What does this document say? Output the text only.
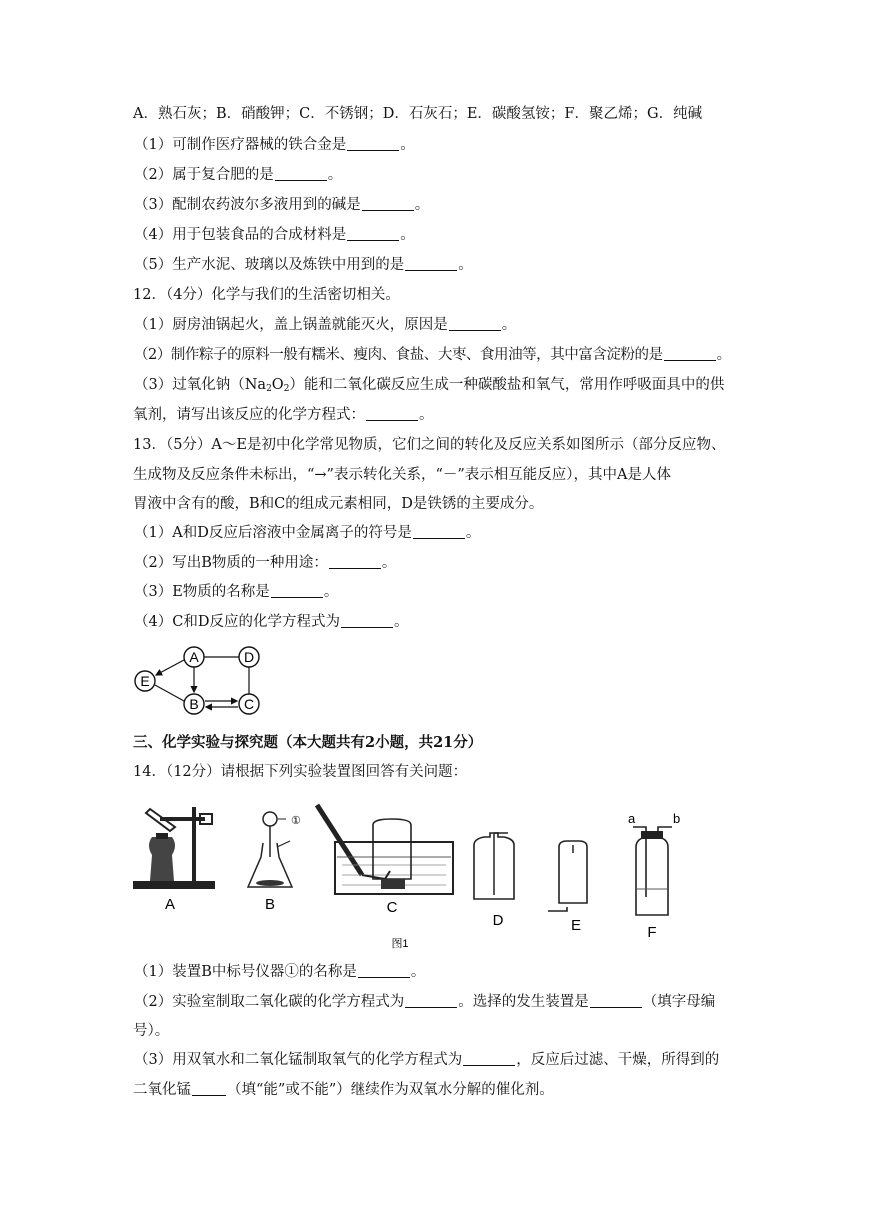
A．熟石灰；B．硝酸钾；C．不锈钢；D．石灰石；E．碳酸氢铵；F．聚乙烯；G．纯碱
（1）可制作医疗器械的铁合金是	。
（2）属于复合肥的是	。
（3）配制农药波尔多液用到的碱是	。
（4）用于包装食品的合成材料是	。
（5）生产水泥、玻璃以及炼铁中用到的是	。
12．（4分）化学与我们的生活密切相关。
（1）厨房油锅起火，盖上锅盖就能灭火，原因是	。
（2）制作粽子的原料一般有糯米、瘦肉、食盐、大枣、食用油等，其中富含淀粉的是	。
（3）过氧化钠$(Na_2O_2)$能和二氧化碳反应生成一种碳酸盐和氧气，常用作呼吸面具中的供
氧剂，请写出该反应的化学方程式：	。
13．（5分）A～E是初中化学常见物质，它们之间的转化及反应关系如图所示（部分反应物、
生成物及反应条件未标出，“→”表示转化关系，“－”表示相互能反应），其中A是人体
胃液中含有的酸，B和C的组成元素相同，D是铁锈的主要成分。
（1）A和D反应后溶液中金属离子的符号是	。
（2）写出B物质的一种用途：	。
（3）E物质的名称是	。
（4）C和D反应的化学方程式为	。
A
B	C
D
E
三、化学实验与探究题（本大题共有2小题，共21分）
14．（12分）请根据下列实验装置图回答有关问题：
A
①
B	C
D	E
a	b
F
图1
（1）装置B中标号仪器①的名称是	。
（2）实验室制取二氧化碳的化学方程式为	。选择的发生装置是	（填字母编
号）。
（3）用双氧水和二氧化锰制取氧气的化学方程式为	，反应后过滤、干燥，所得到的
二氧化锰 （填“能”或不能”）继续作为双氧水分解的催化剂。
